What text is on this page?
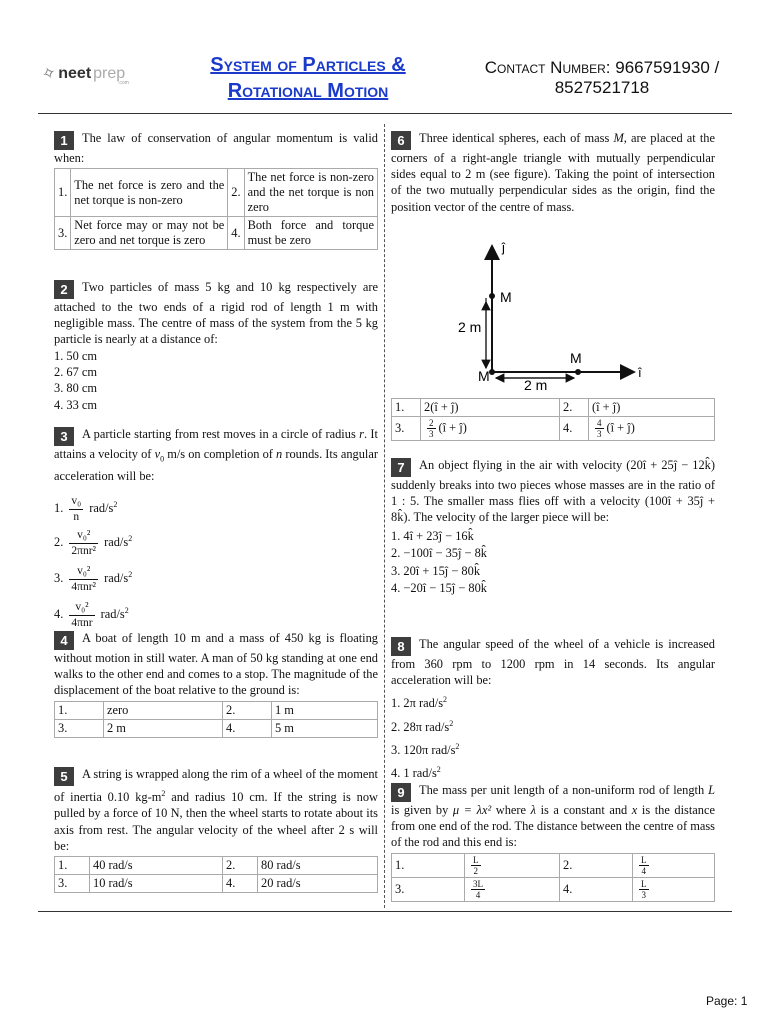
✧ neet prep
.com
System of Particles &
Rotational Motion
Contact Number: 9667591930 /
8527521718
1 The law of conservation of angular momentum is valid when:
1.	The net force is zero and the net torque is non-zero	2.	The net force is non-zero and the net torque is non zero
3.	Net force may or may not be zero and net torque is zero	4.	Both force and torque must be zero
2 Two particles of mass 5 kg and 10 kg respectively are attached to the two ends of a rigid rod of length 1 m with negligible mass. The centre of mass of the system from the 5 kg particle is nearly at a distance of:
1. 50 cm
2. 67 cm
3. 80 cm
4. 33 cm
3 A particle starting from rest moves in a circle of radius r. It attains a velocity of $v_0$ m/s on completion of n rounds. Its angular acceleration will be:
1. $\frac{\text{v₀}}{n} rad/s^2$
2. $\frac{\text{v₀²}}{\text{2πnr²}} rad/s^2$
3. $\frac{\text{v₀²}}{\text{4πnr²}} rad/s^2$
4. $\frac{\text{v₀²}}{\text{4πnr}} rad/s^2$
4 A boat of length 10 m and a mass of 450 kg is floating without motion in still water. A man of 50 kg standing at one end walks to the other end and comes to a stop. The magnitude of the displacement of the boat relative to the ground is:
1.	zero	2.	1 m
3.	2 m	4.	5 m
5 A string is wrapped along the rim of a wheel of the moment of inertia 0.10 $kg-m^2$ and radius 10 cm. If the string is now pulled by a force of 10 N, then the wheel starts to rotate about its axis from rest. The angular velocity of the wheel after 2 s will be:
1.	40 rad/s	2.	80 rad/s
3.	10 rad/s	4.	20 rad/s
6 Three identical spheres, each of mass M, are placed at the corners of a right-angle triangle with mutually perpendicular sides equal to 2 m (see figure). Taking the point of intersection of the two mutually perpendicular sides as the origin, find the position vector of the centre of mass.
ĵ
î
M
M
M
2 m
2 m
1.	2(î + ĵ)	2.	(î + ĵ)
3.	$\frac{2}{3}$ (î + ĵ)	4.	$\frac{4}{3}$ (î + ĵ)
7 An object flying in the air with velocity (20î + 25ĵ − 12k̂) suddenly breaks into two pieces whose masses are in the ratio of 1 : 5. The smaller mass flies off with a velocity (100î + 35ĵ + 8k̂). The velocity of the larger piece will be:
1. 4î + 23ĵ − 16k̂
2. −100î − 35ĵ − 8k̂
3. 20î + 15ĵ − 80k̂
4. −20î − 15ĵ − 80k̂
8 The angular speed of the wheel of a vehicle is increased from 360 rpm to 1200 rpm in 14 seconds. Its angular acceleration will be:
1. 2π rad/$s^2$
2. 28π rad/$s^2$
3. 120π rad/$s^2$
4. 1 rad/$s^2$
9 The mass per unit length of a non-uniform rod of length L is given by μ = λx² where λ is a constant and x is the distance from one end of the rod. The distance between the centre of mass of the rod and this end is:
1.	$\frac{L}{2}$	2.	$\frac{L}{4}$

3.	$\frac{3L}{4}$	4.	$\frac{L}{3}$
Page: 1
